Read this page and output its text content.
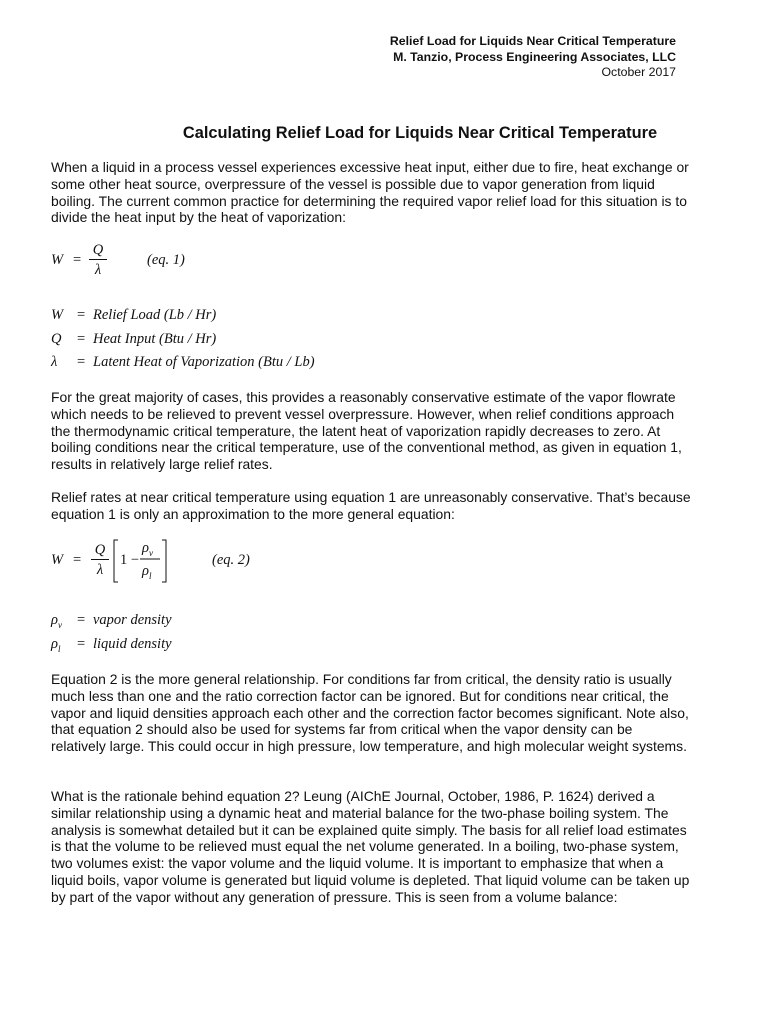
Relief Load for Liquids Near Critical Temperature
M. Tanzio, Process Engineering Associates, LLC
October 2017
Calculating Relief Load for Liquids Near Critical Temperature

When a liquid in a process vessel experiences excessive heat input, either due to fire, heat exchange or some other heat source, overpressure of the vessel is possible due to vapor generation from liquid boiling. The current common practice for determining the required vapor relief load for this situation is to divide the heat input by the heat of vaporization:

W =
Q
λ
(eq. 1)
W = Relief Load (Lb / Hr)
Q = Heat Input (Btu / Hr)
λ = Latent Heat of Vaporization (Btu / Lb)

For the great majority of cases, this provides a reasonably conservative estimate of the vapor flowrate which needs to be relieved to prevent vessel overpressure. However, when relief conditions approach the thermodynamic critical temperature, the latent heat of vaporization rapidly decreases to zero. At boiling conditions near the critical temperature, use of the conventional method, as given in equation 1, results in relatively large relief rates.

Relief rates at near critical temperature using equation 1 are unreasonably conservative. That’s because equation 1 is only an approximation to the more general equation:

W =
Q
λ
1 −
$\rho_v$
$\rho_l$
(eq. 2)
$\rho_v$ = vapor density
$\rho_l$ = liquid density

Equation 2 is the more general relationship. For conditions far from critical, the density ratio is usually much less than one and the ratio correction factor can be ignored. But for conditions near critical, the vapor and liquid densities approach each other and the correction factor becomes significant. Note also, that equation 2 should also be used for systems far from critical when the vapor density can be relatively large. This could occur in high pressure, low temperature, and high molecular weight systems.

What is the rationale behind equation 2? Leung (AIChE Journal, October, 1986, P. 1624) derived a similar relationship using a dynamic heat and material balance for the two-phase boiling system. The analysis is somewhat detailed but it can be explained quite simply. The basis for all relief load estimates is that the volume to be relieved must equal the net volume generated. In a boiling, two-phase system, two volumes exist: the vapor volume and the liquid volume. It is important to emphasize that when a liquid boils, vapor volume is generated but liquid volume is depleted. That liquid volume can be taken up by part of the vapor without any generation of pressure. This is seen from a volume balance:
